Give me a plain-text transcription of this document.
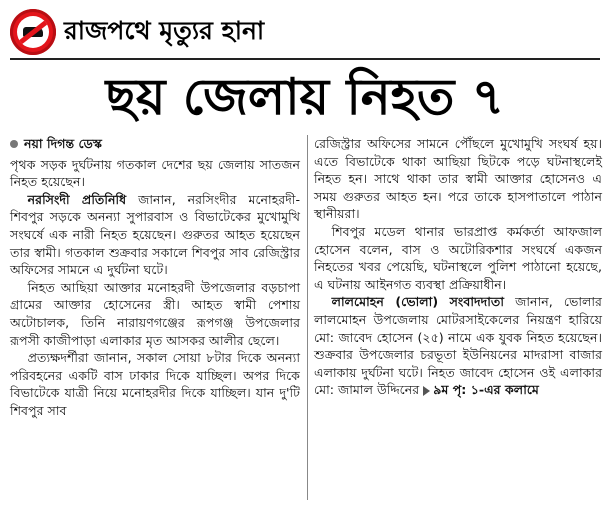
রাজপথে মৃত্যুর হানা
ছয় জেলায় নিহত ৭
নয়া দিগন্ত ডেস্ক

পৃথক সড়ক দুর্ঘটনায় গতকাল দেশের ছয় জেলায় সাতজন নিহত হয়েছেন।

নরসিংদী প্রতিনিধি জানান, নরসিংদীর মনোহরদী-শিবপুর সড়কে অনন্যা সুপারবাস ও বিভাটেকের মুখোমুখি সংঘর্ষে এক নারী নিহত হয়েছেন। গুরুতর আহত হয়েছেন তার স্বামী। গতকাল শুক্রবার সকালে শিবপুর সাব রেজিস্ট্রার অফিসের সামনে এ দুর্ঘটনা ঘটে।

নিহত আছিয়া আক্তার মনোহরদী উপজেলার বড়চাপা গ্রামের আক্তার হোসেনের স্ত্রী। আহত স্বামী পেশায় অটোচালক, তিনি নারায়ণগঞ্জের রূপগঞ্জ উপজেলার রূপসী কাজীপাড়া এলাকার মৃত আসকর আলীর ছেলে।

প্রত্যক্ষদর্শীরা জানান, সকাল সোয়া ৮টার দিকে অনন্যা পরিবহনের একটি বাস ঢাকার দিকে যাচ্ছিল। অপর দিকে বিভাটেকে যাত্রী নিয়ে মনোহরদীর দিকে যাচ্ছিল। যান দু'টি শিবপুর সাব

রেজিস্ট্রার অফিসের সামনে পৌঁছলে মুখোমুখি সংঘর্ষ হয়। এতে বিভাটেকে থাকা আছিয়া ছিটকে পড়ে ঘটনাস্থলেই নিহত হন। সাথে থাকা তার স্বামী আক্তার হোসেনও এ সময় গুরুতর আহত হন। পরে তাকে হাসপাতালে পাঠান স্থানীয়রা।

শিবপুর মডেল থানার ভারপ্রাপ্ত কর্মকর্তা আফজাল হোসেন বলেন, বাস ও অটোরিকশার সংঘর্ষে একজন নিহতের খবর পেয়েছি, ঘটনাস্থলে পুলিশ পাঠানো হয়েছে, এ ঘটনায় আইনগত ব্যবস্থা প্রক্রিয়াধীন।

লালমোহন (ভোলা) সংবাদদাতা জানান, ভোলার লালমোহন উপজেলায় মোটরসাইকেলের নিয়ন্ত্রণ হারিয়ে মো: জাবেদ হোসেন (২৫) নামে এক যুবক নিহত হয়েছেন। শুক্রবার উপজেলার চরভূতা ইউনিয়নের মাদরাসা বাজার এলাকায় দুর্ঘটনা ঘটে। নিহত জাবেদ হোসেন ওই এলাকার মো: জামাল উদ্দিনের ৯ম পৃ: ১-এর কলামে
